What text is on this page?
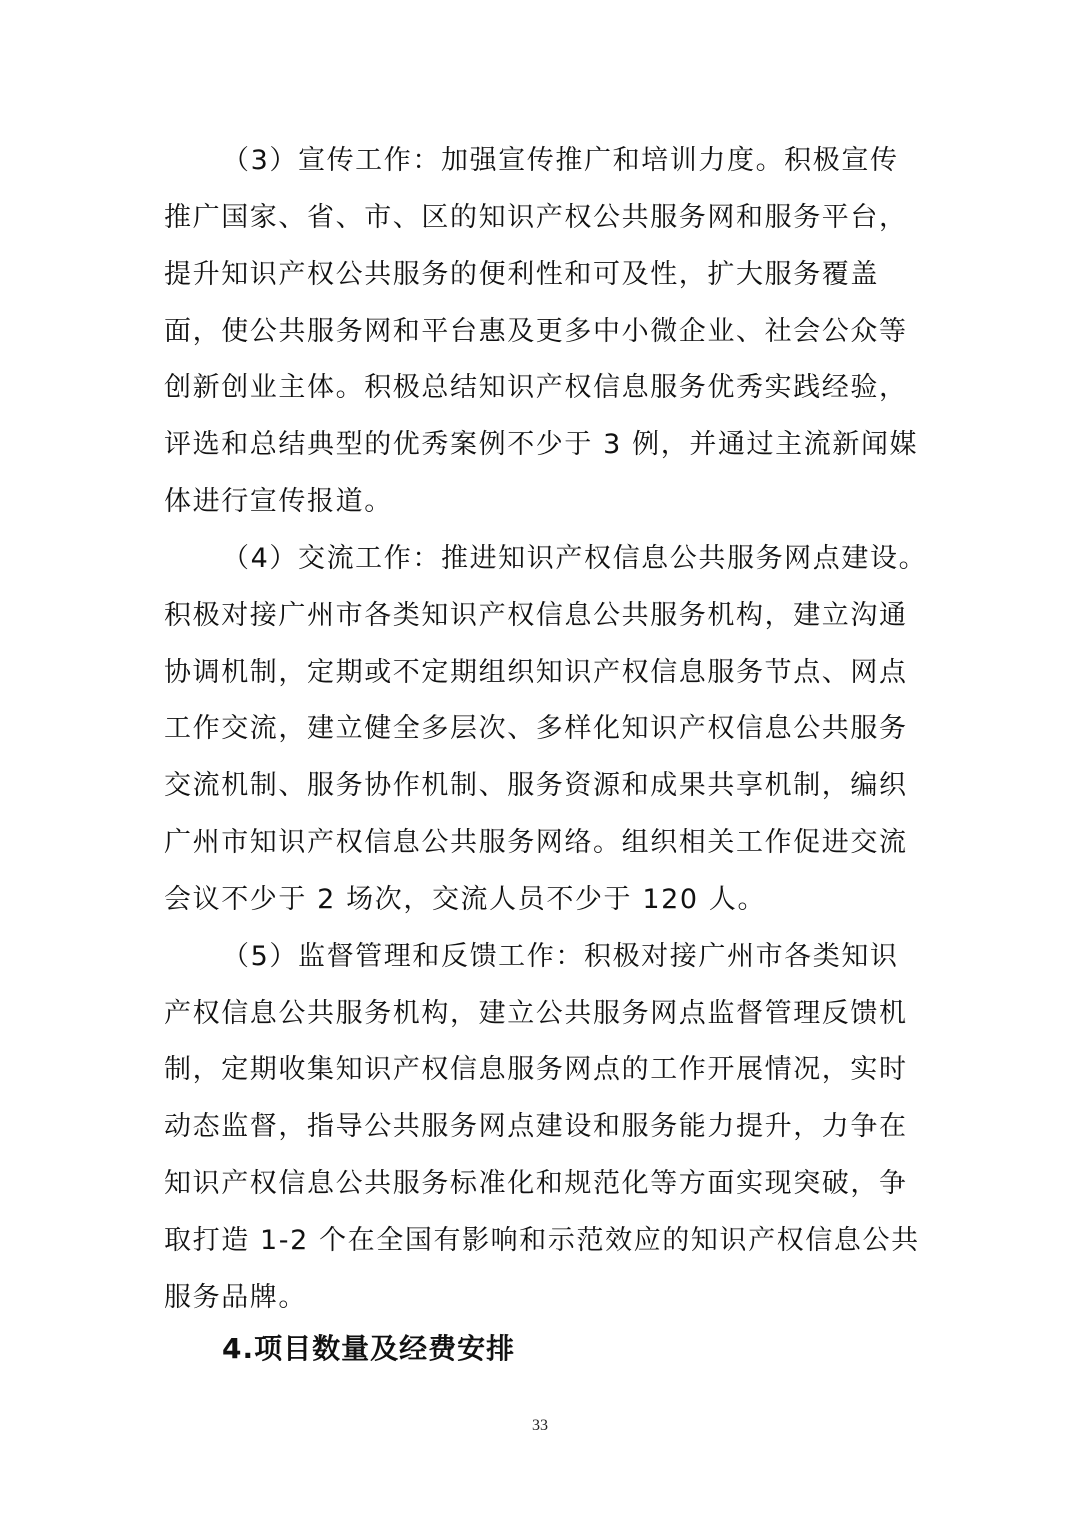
（3）宣传工作：加强宣传推广和培训力度。积极宣传
推广国家、省、市、区的知识产权公共服务网和服务平台，
提升知识产权公共服务的便利性和可及性，扩大服务覆盖
面，使公共服务网和平台惠及更多中小微企业、社会公众等
创新创业主体。积极总结知识产权信息服务优秀实践经验，
评选和总结典型的优秀案例不少于 3 例，并通过主流新闻媒
体进行宣传报道。
（4）交流工作：推进知识产权信息公共服务网点建设。
积极对接广州市各类知识产权信息公共服务机构，建立沟通
协调机制，定期或不定期组织知识产权信息服务节点、网点
工作交流，建立健全多层次、多样化知识产权信息公共服务
交流机制、服务协作机制、服务资源和成果共享机制，编织
广州市知识产权信息公共服务网络。组织相关工作促进交流
会议不少于 2 场次，交流人员不少于 120 人。
（5）监督管理和反馈工作：积极对接广州市各类知识
产权信息公共服务机构，建立公共服务网点监督管理反馈机
制，定期收集知识产权信息服务网点的工作开展情况，实时
动态监督，指导公共服务网点建设和服务能力提升，力争在
知识产权信息公共服务标准化和规范化等方面实现突破，争
取打造 1-2 个在全国有影响和示范效应的知识产权信息公共
服务品牌。
4.项目数量及经费安排
33
